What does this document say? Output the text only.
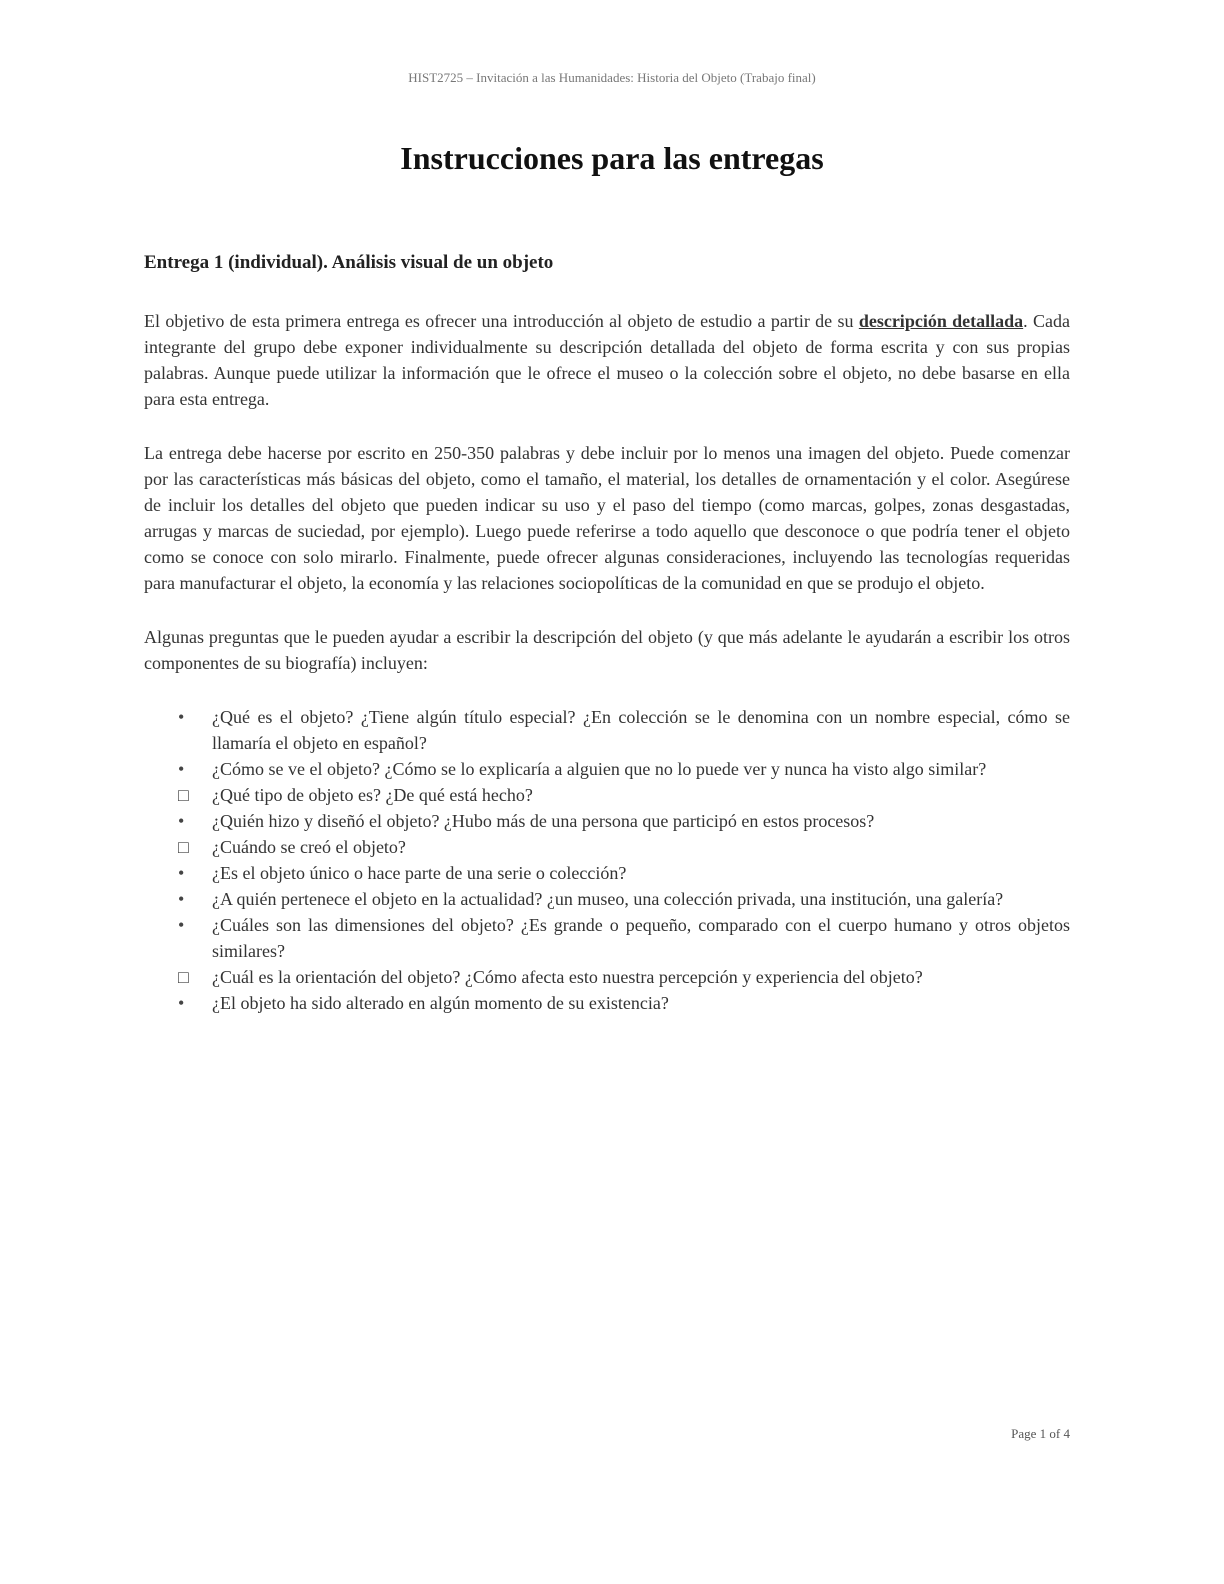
HIST2725 – Invitación a las Humanidades: Historia del Objeto (Trabajo final)
Instrucciones para las entregas
Entrega 1 (individual). Análisis visual de un objeto

El objetivo de esta primera entrega es ofrecer una introducción al objeto de estudio a partir de su descripción detallada. Cada integrante del grupo debe exponer individualmente su descripción detallada del objeto de forma escrita y con sus propias palabras. Aunque puede utilizar la información que le ofrece el museo o la colección sobre el objeto, no debe basarse en ella para esta entrega.

La entrega debe hacerse por escrito en 250-350 palabras y debe incluir por lo menos una imagen del objeto. Puede comenzar por las características más básicas del objeto, como el tamaño, el material, los detalles de ornamentación y el color. Asegúrese de incluir los detalles del objeto que pueden indicar su uso y el paso del tiempo (como marcas, golpes, zonas desgastadas, arrugas y marcas de suciedad, por ejemplo). Luego puede referirse a todo aquello que desconoce o que podría tener el objeto como se conoce con solo mirarlo. Finalmente, puede ofrecer algunas consideraciones, incluyendo las tecnologías requeridas para manufacturar el objeto, la economía y las relaciones sociopolíticas de la comunidad en que se produjo el objeto.

Algunas preguntas que le pueden ayudar a escribir la descripción del objeto (y que más adelante le ayudarán a escribir los otros componentes de su biografía) incluyen:

•	¿Qué es el objeto? ¿Tiene algún título especial? ¿En colección se le denomina con un nombre especial, cómo se llamaría el objeto en español?
•	¿Cómo se ve el objeto? ¿Cómo se lo explicaría a alguien que no lo puede ver y nunca ha visto algo similar?
□	¿Qué tipo de objeto es? ¿De qué está hecho?
•	¿Quién hizo y diseñó el objeto? ¿Hubo más de una persona que participó en estos procesos?
□	¿Cuándo se creó el objeto?
•	¿Es el objeto único o hace parte de una serie o colección?
•	¿A quién pertenece el objeto en la actualidad? ¿un museo, una colección privada, una institución, una galería?
•	¿Cuáles son las dimensiones del objeto? ¿Es grande o pequeño, comparado con el cuerpo humano y otros objetos similares?
□	¿Cuál es la orientación del objeto? ¿Cómo afecta esto nuestra percepción y experiencia del objeto?
•	¿El objeto ha sido alterado en algún momento de su existencia?
Page 1 of 4
